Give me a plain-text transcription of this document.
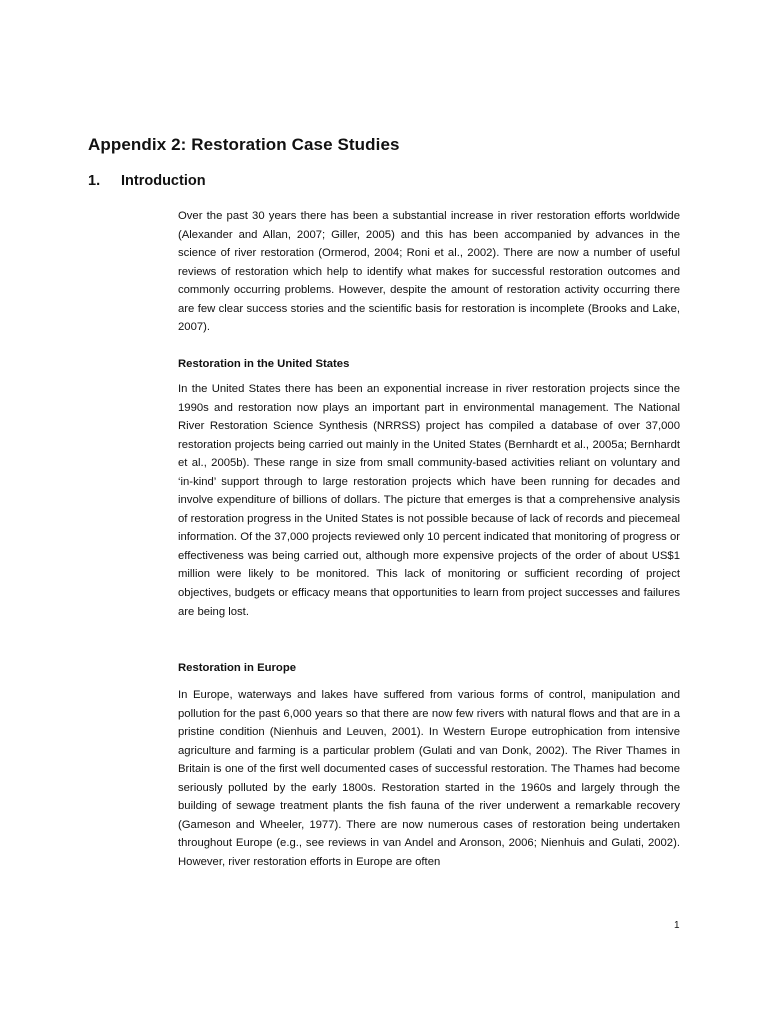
Appendix 2: Restoration Case Studies
1. Introduction

Over the past 30 years there has been a substantial increase in river restoration efforts worldwide (Alexander and Allan, 2007; Giller, 2005) and this has been accompanied by advances in the science of river restoration (Ormerod, 2004; Roni et al., 2002). There are now a number of useful reviews of restoration which help to identify what makes for successful restoration outcomes and commonly occurring problems. However, despite the amount of restoration activity occurring there are few clear success stories and the scientific basis for restoration is incomplete (Brooks and Lake, 2007).

Restoration in the United States

In the United States there has been an exponential increase in river restoration projects since the 1990s and restoration now plays an important part in environmental management. The National River Restoration Science Synthesis (NRRSS) project has compiled a database of over 37,000 restoration projects being carried out mainly in the United States (Bernhardt et al., 2005a; Bernhardt et al., 2005b). These range in size from small community-based activities reliant on voluntary and ‘in-kind’ support through to large restoration projects which have been running for decades and involve expenditure of billions of dollars. The picture that emerges is that a comprehensive analysis of restoration progress in the United States is not possible because of lack of records and piecemeal information. Of the 37,000 projects reviewed only 10 percent indicated that monitoring of progress or effectiveness was being carried out, although more expensive projects of the order of about US$1 million were likely to be monitored. This lack of monitoring or sufficient recording of project objectives, budgets or efficacy means that opportunities to learn from project successes and failures are being lost.

Restoration in Europe

In Europe, waterways and lakes have suffered from various forms of control, manipulation and pollution for the past 6,000 years so that there are now few rivers with natural flows and that are in a pristine condition (Nienhuis and Leuven, 2001). In Western Europe eutrophication from intensive agriculture and farming is a particular problem (Gulati and van Donk, 2002). The River Thames in Britain is one of the first well documented cases of successful restoration. The Thames had become seriously polluted by the early 1800s. Restoration started in the 1960s and largely through the building of sewage treatment plants the fish fauna of the river underwent a remarkable recovery (Gameson and Wheeler, 1977). There are now numerous cases of restoration being undertaken throughout Europe (e.g., see reviews in van Andel and Aronson, 2006; Nienhuis and Gulati, 2002). However, river restoration efforts in Europe are often

1
